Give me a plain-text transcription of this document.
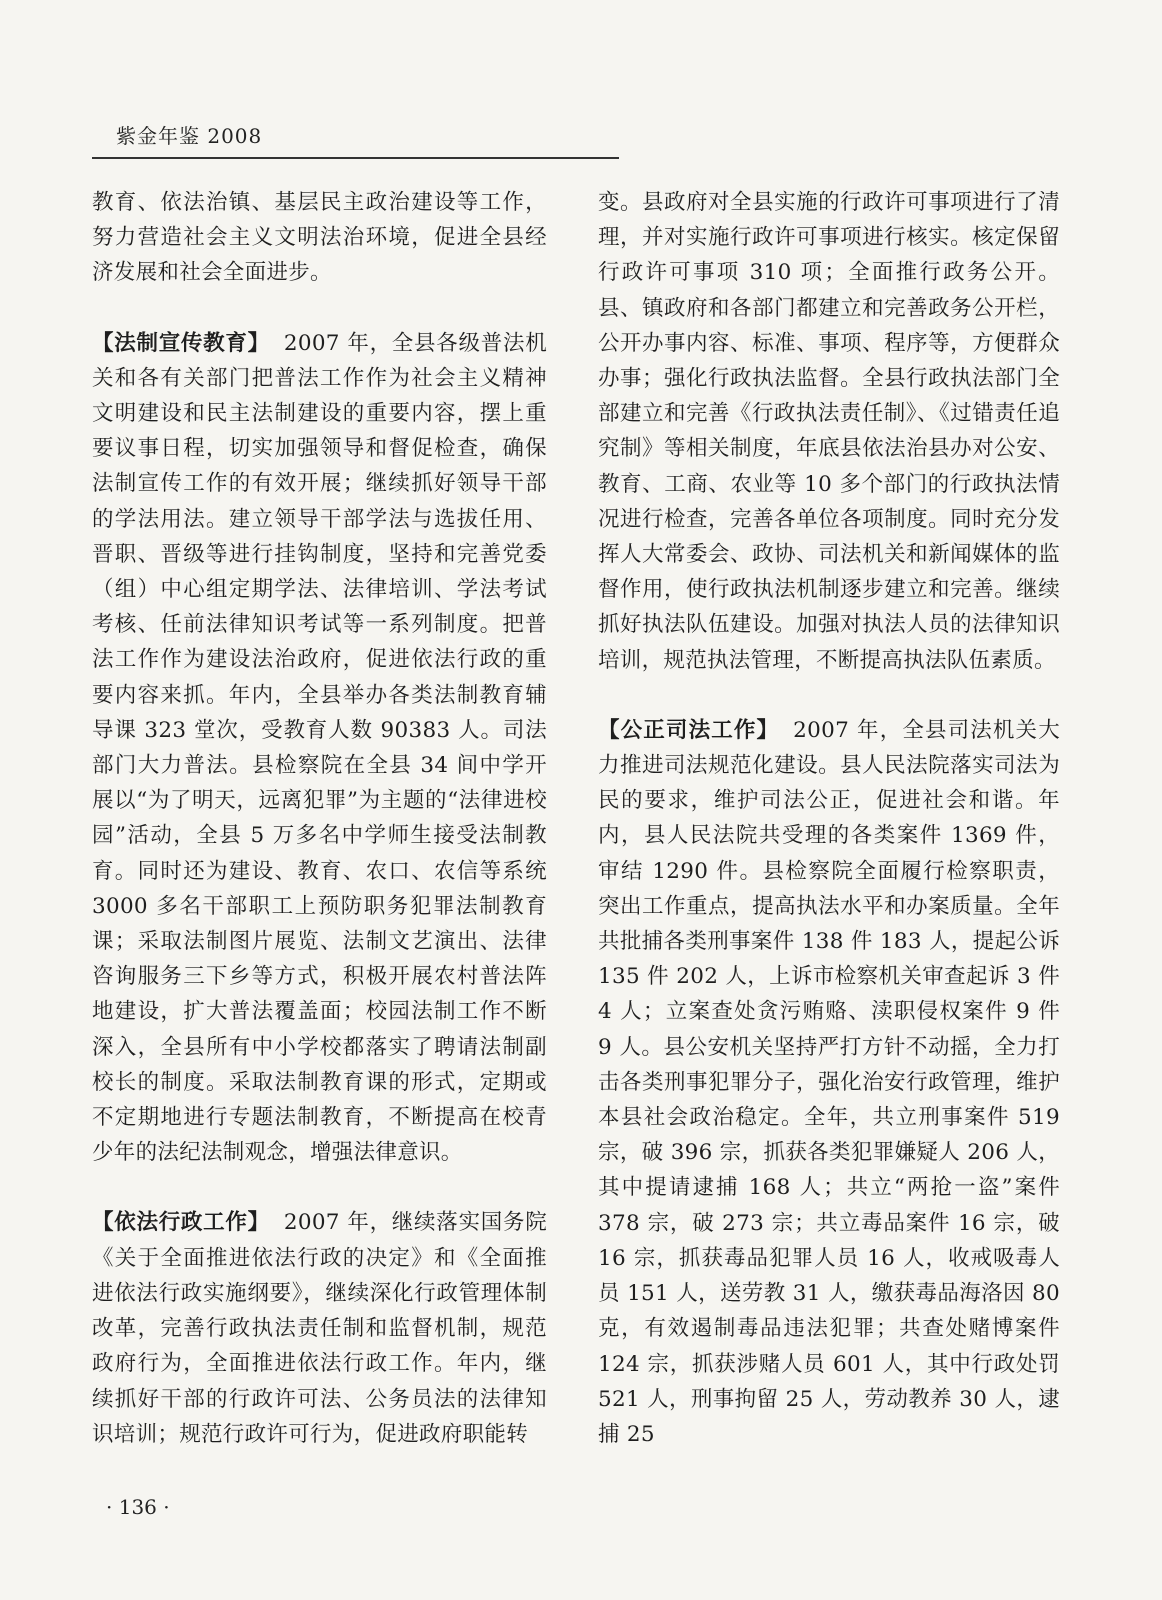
紫金年鉴 2008

教育、依法治镇、基层民主政治建设等工作，努力营造社会主义文明法治环境，促进全县经济发展和社会全面进步。

【法制宣传教育】 2007 年，全县各级普法机关和各有关部门把普法工作作为社会主义精神文明建设和民主法制建设的重要内容，摆上重要议事日程，切实加强领导和督促检查，确保法制宣传工作的有效开展；继续抓好领导干部的学法用法。建立领导干部学法与选拔任用、晋职、晋级等进行挂钩制度，坚持和完善党委（组）中心组定期学法、法律培训、学法考试考核、任前法律知识考试等一系列制度。把普法工作作为建设法治政府，促进依法行政的重要内容来抓。年内，全县举办各类法制教育辅导课 323 堂次，受教育人数 90383 人。司法部门大力普法。县检察院在全县 34 间中学开展以“为了明天，远离犯罪”为主题的“法律进校园”活动，全县 5 万多名中学师生接受法制教育。同时还为建设、教育、农口、农信等系统 3000 多名干部职工上预防职务犯罪法制教育课；采取法制图片展览、法制文艺演出、法律咨询服务三下乡等方式，积极开展农村普法阵地建设，扩大普法覆盖面；校园法制工作不断深入，全县所有中小学校都落实了聘请法制副校长的制度。采取法制教育课的形式，定期或不定期地进行专题法制教育，不断提高在校青少年的法纪法制观念，增强法律意识。

【依法行政工作】 2007 年，继续落实国务院《关于全面推进依法行政的决定》和《全面推进依法行政实施纲要》，继续深化行政管理体制改革，完善行政执法责任制和监督机制，规范政府行为，全面推进依法行政工作。年内，继续抓好干部的行政许可法、公务员法的法律知识培训；规范行政许可行为，促进政府职能转

变。县政府对全县实施的行政许可事项进行了清理，并对实施行政许可事项进行核实。核定保留行政许可事项 310 项；全面推行政务公开。县、镇政府和各部门都建立和完善政务公开栏，公开办事内容、标准、事项、程序等，方便群众办事；强化行政执法监督。全县行政执法部门全部建立和完善《行政执法责任制》、《过错责任追究制》等相关制度，年底县依法治县办对公安、教育、工商、农业等 10 多个部门的行政执法情况进行检查，完善各单位各项制度。同时充分发挥人大常委会、政协、司法机关和新闻媒体的监督作用，使行政执法机制逐步建立和完善。继续抓好执法队伍建设。加强对执法人员的法律知识培训，规范执法管理，不断提高执法队伍素质。

【公正司法工作】 2007 年，全县司法机关大力推进司法规范化建设。县人民法院落实司法为民的要求，维护司法公正，促进社会和谐。年内，县人民法院共受理的各类案件 1369 件，审结 1290 件。县检察院全面履行检察职责，突出工作重点，提高执法水平和办案质量。全年共批捕各类刑事案件 138 件 183 人，提起公诉 135 件 202 人，上诉市检察机关审查起诉 3 件 4 人；立案查处贪污贿赂、渎职侵权案件 9 件 9 人。县公安机关坚持严打方针不动摇，全力打击各类刑事犯罪分子，强化治安行政管理，维护本县社会政治稳定。全年，共立刑事案件 519 宗，破 396 宗，抓获各类犯罪嫌疑人 206 人，其中提请逮捕 168 人；共立“两抢一盗”案件 378 宗，破 273 宗；共立毒品案件 16 宗，破 16 宗，抓获毒品犯罪人员 16 人，收戒吸毒人员 151 人，送劳教 31 人，缴获毒品海洛因 80 克，有效遏制毒品违法犯罪；共查处赌博案件 124 宗，抓获涉赌人员 601 人，其中行政处罚 521 人，刑事拘留 25 人，劳动教养 30 人，逮捕 25

· 136 ·
